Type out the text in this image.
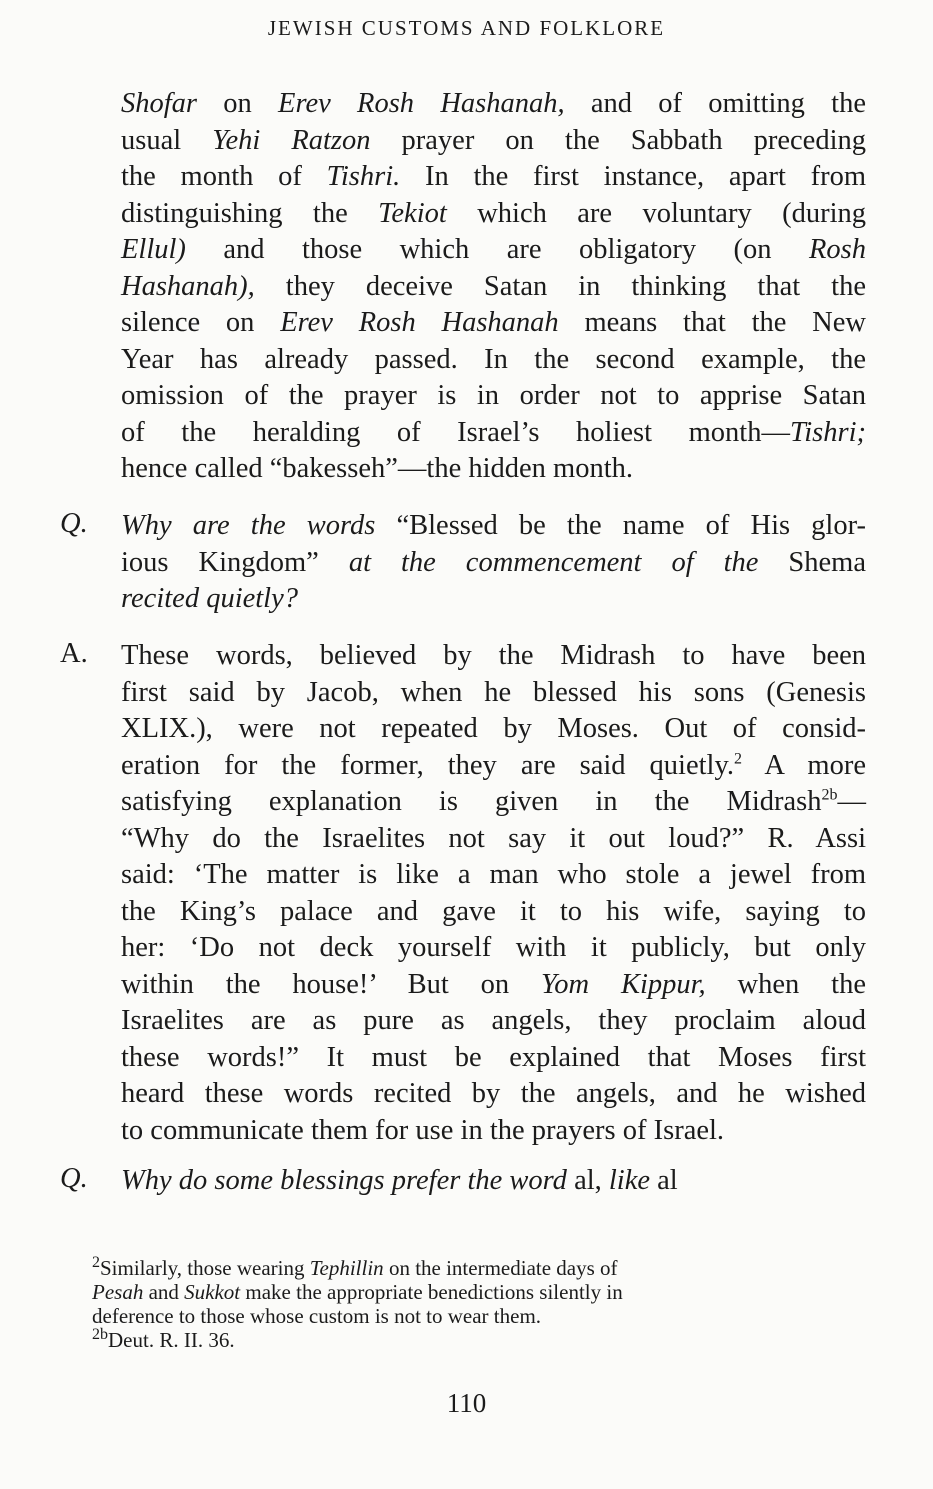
JEWISH CUSTOMS AND FOLKLORE
Shofar on Erev Rosh Hashanah, and of omitting the
usual Yehi Ratzon prayer on the Sabbath preceding
the month of Tishri. In the first instance, apart from
distinguishing the Tekiot which are voluntary (during
Ellul) and those which are obligatory (on Rosh
Hashanah), they deceive Satan in thinking that the
silence on Erev Rosh Hashanah means that the New
Year has already passed. In the second example, the
omission of the prayer is in order not to apprise Satan
of the heralding of Israel’s holiest month—Tishri;
hence called “bakesseh”—the hidden month.
Q. Why are the words “Blessed be the name of His glor-
ious Kingdom” at the commencement of the Shema
recited quietly?
A. These words, believed by the Midrash to have been
first said by Jacob, when he blessed his sons (Genesis
XLIX.), were not repeated by Moses. Out of consid-
eration for the former, they are said quietly.$^2$ A more
satisfying explanation is given in the Midrash$^{2b}$—
“Why do the Israelites not say it out loud?” R. Assi
said: ‘The matter is like a man who stole a jewel from
the King’s palace and gave it to his wife, saying to
her: ‘Do not deck yourself with it publicly, but only
within the house!’ But on Yom Kippur, when the
Israelites are as pure as angels, they proclaim aloud
these words!” It must be explained that Moses first
heard these words recited by the angels, and he wished
to communicate them for use in the prayers of Israel.
Q. Why do some blessings prefer the word al, like al
$^2$Similarly, those wearing Tephillin on the intermediate days of
Pesah and Sukkot make the appropriate benedictions silently in
deference to those whose custom is not to wear them.
$^{2b}$Deut. R. II. 36.
110
